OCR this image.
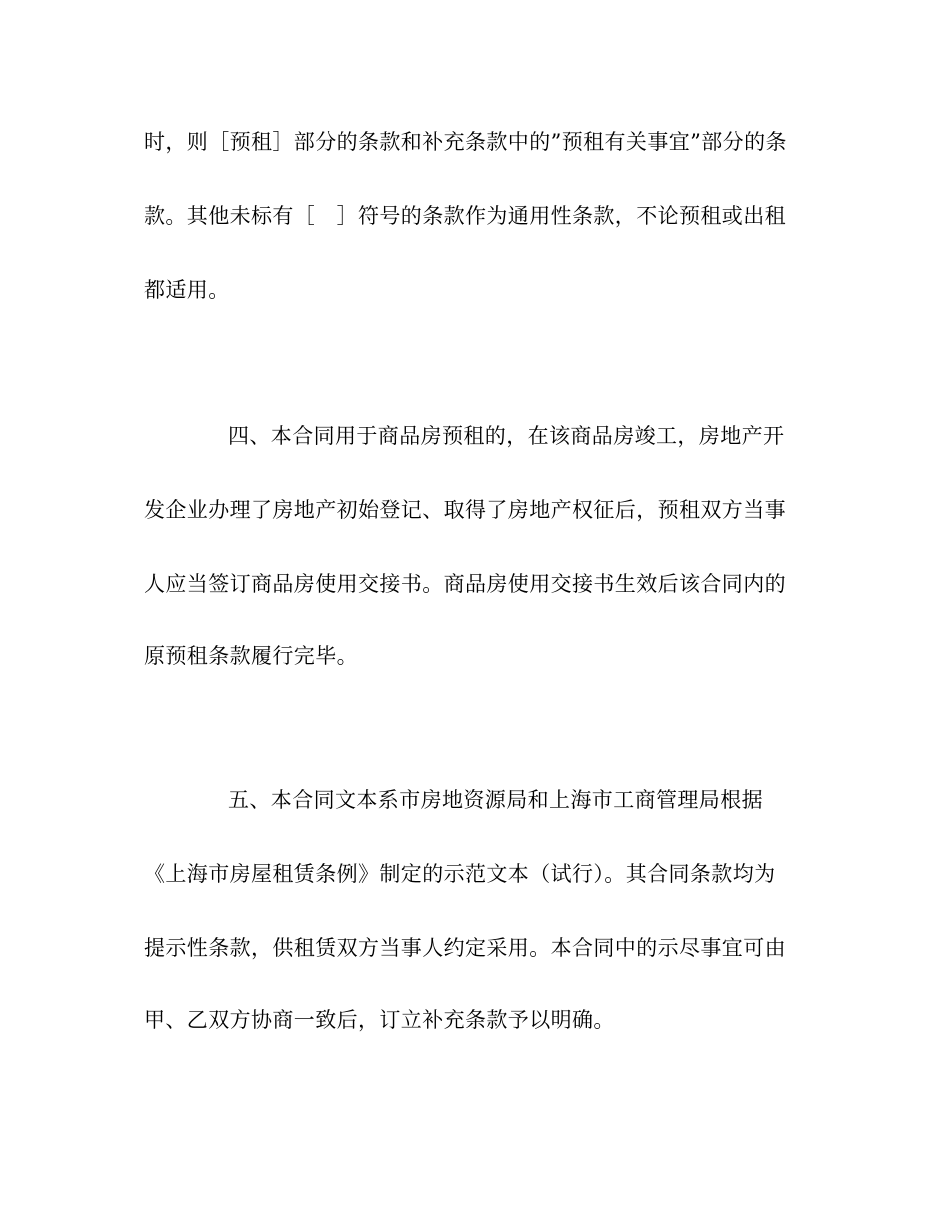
时，则［预租］部分的条款和补充条款中的”预租有关事宜”部分的条
款。其他未标有［　］符号的条款作为通用性条款，不论预租或出租
都适用。
四、本合同用于商品房预租的，在该商品房竣工，房地产开
发企业办理了房地产初始登记、取得了房地产权征后，预租双方当事
人应当签订商品房使用交接书。商品房使用交接书生效后该合同内的
原预租条款履行完毕。
五、本合同文本系市房地资源局和上海市工商管理局根据
《上海市房屋租赁条例》制定的示范文本（试行）。其合同条款均为
提示性条款，供租赁双方当事人约定采用。本合同中的示尽事宜可由
甲、乙双方协商一致后，订立补充条款予以明确。
